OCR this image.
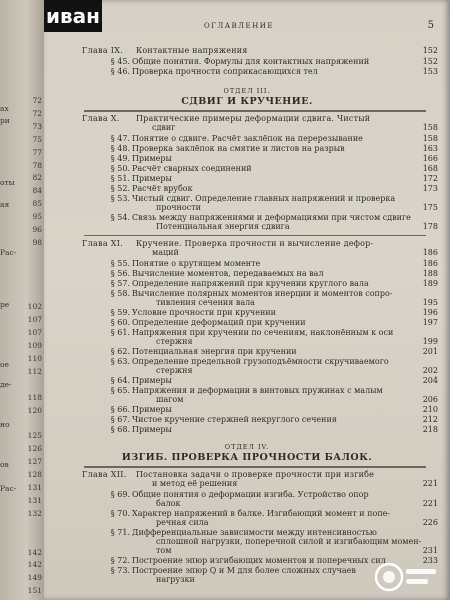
72
72
73
75
77
78
82
84
85
95
96
98
102
107
107
109
110
112
118
120
125
126
127
128
131
131
132
142
142
149
151
ах
ри
оты
ая
Рас-
ре
ое
де-
но
ов
Рас-
иван	ОГЛАВЛЕНИЕ	5
Глава IX. Контактные напряжения	152
§ 45. Общие понятия. Формулы для контактных напряжений	152
§ 46. Проверка прочности соприкасающихся тел	153
ОТДЕЛ III.
СДВИГ И КРУЧЕНИЕ.
Глава X. Практические примеры деформации сдвига. Чистый
сдвиг	158
§ 47. Понятие о сдвиге. Расчёт заклёпок на перерезывание	158
§ 48. Проверка заклёпок на смятие и листов на разрыв	163
§ 49. Примеры	166
§ 50. Расчёт сварных соединений	168
§ 51. Примеры	172
§ 52. Расчёт врубок	173
§ 53. Чистый сдвиг. Определение главных напряжений и проверка
прочности	175
§ 54. Связь между напряжениями и деформациями при чистом сдвиге
Потенциальная энергия сдвига	178
Глава XI. Кручение. Проверка прочности и вычисление дефор-
маций	186
§ 55. Понятие о крутящем моменте	186
§ 56. Вычисление моментов, передаваемых на вал	188
§ 57. Определение напряжений при кручении круглого вала	189
§ 58. Вычисление полярных моментов инерции и моментов сопро-
тивления сечения вала	195
§ 59. Условие прочности при кручении	196
§ 60. Определение деформаций при кручении	197
§ 61. Напряжения при кручении по сечениям, наклонённым к оси
стержня	199
§ 62. Потенциальная энергия при кручении	201
§ 63. Определение предельной грузоподъёмности скручиваемого
стержня	202
§ 64. Примеры	204
§ 65. Напряжения и деформации в винтовых пружинах с малым
шагом	206
§ 66. Примеры	210
§ 67. Чистое кручение стержней некруглого сечения	212
§ 68. Примеры	218
ОТДЕЛ IV.
ИЗГИБ. ПРОВЕРКА ПРОЧНОСТИ БАЛОК.
Глава XII. Постановка задачи о проверке прочности при изгибе
и метод её решения	221
§ 69. Общие понятия о деформации изгиба. Устройство опор
балок	221
§ 70. Характер напряжений в балке. Изгибающий момент и попе-
речная сила	226
§ 71. Дифференциальные зависимости между интенсивностью
сплошной нагрузки, поперечной силой и изгибающим момен-
том	231
§ 72. Построение эпюр изгибающих моментов и поперечных сил	233
§ 73. Построение эпюр Q и M для более сложных случаев
нагрузки
